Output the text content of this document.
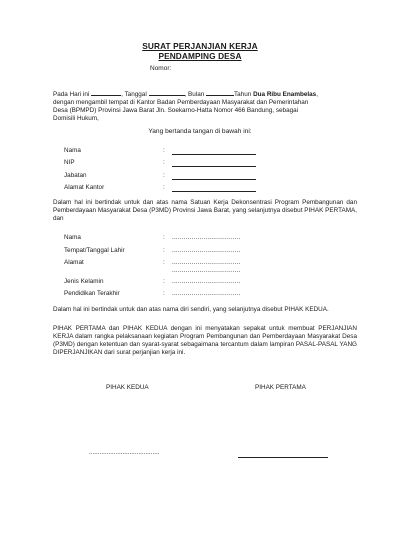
SURAT PERJANJIAN KERJA
PENDAMPING DESA
Nomor:
Pada Hari ini	, Tanggal	, Bulan	Tahun Dua Ribu Enambelas,
dengan mengambil tempat di Kantor Badan Pemberdayaan Masyarakat dan Pemerintahan
Desa (BPMPD) Provinsi Jawa Barat Jln. Soekarno-Hatta Nomor 466 Bandung, sebagai
Domisili Hukum,
Yang bertanda tangan di bawah ini:
Nama	:
NIP	:
Jabatan	:
Alamat Kantor	:
Dalam hal ini bertindak untuk dan atas nama Satuan Kerja Dekonsentrasi Program Pembangunan dan Pemberdayaan Masyarakat Desa (P3MD) Provinsi Jawa Barat, yang selanjutnya disebut PIHAK PERTAMA, dan
Nama	: ...................................
Tempat/Tanggal Lahir	: ...................................
Alamat	: ...................................
...................................
Jenis Kelamin	: ...................................
Pendidikan Terakhir	: ...................................
Dalam hal ini bertindak untuk dan atas nama diri sendiri, yang selanjutnya disebut PIHAK KEDUA.
PIHAK PERTAMA dan PIHAK KEDUA dengan ini menyatakan sepakat untuk membuat PERJANJIAN KERJA dalam rangka pelaksanaan kegiatan Program Pembangunan dan Pemberdayaan Masyarakat Desa (P3MD) dengan ketentuan dan syarat-syarat sebagaimana tercantum dalam lampiran PASAL-PASAL YANG DIPERJANJIKAN dari surat perjanjian kerja ini.
PIHAK KEDUA	PIHAK PERTAMA
........................................
